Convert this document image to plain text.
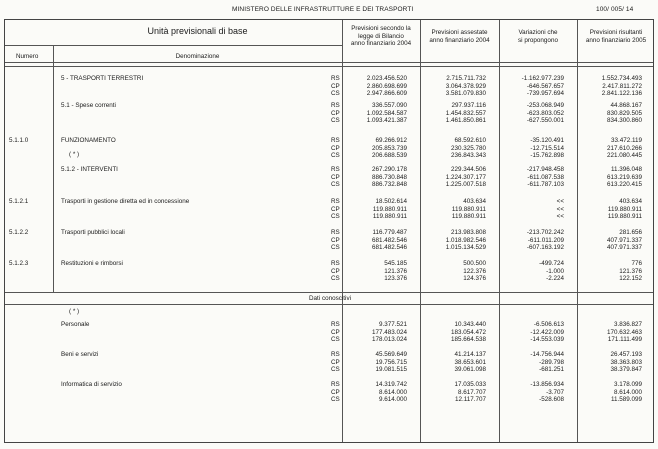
MINISTERO DELLE INFRASTRUTTURE E DEI TRASPORTI	100/ 005/ 14
Unità previsionali di base
Numero	Denominazione
Previsioni secondo la
legge di Bilancio
anno finanziario 2004
Previsioni assestate
anno finanziario 2004
Variazioni che
si propongono
Previsioni risultanti
anno finanziario 2005
Dati conoscitivi
5 - TRASPORTI TERRESTRI	RS	2.023.456.520	2.715.711.732	-1.162.977.239	1.552.734.493
CP	2.860.698.699	3.064.378.929	-646.567.657	2.417.811.272
CS	2.947.866.609	3.581.079.830	-739.957.694	2.841.122.136
5.1 - Spese correnti	RS	336.557.090	297.937.116	-253.068.949	44.868.167
CP	1.092.584.587	1.454.832.557	-623.803.052	830.829.505
CS	1.093.421.387	1.461.850.861	-627.550.001	834.300.860
5.1.1.0	FUNZIONAMENTO
( * )
RS	69.266.912	68.592.610	-35.120.491	33.472.119
CP	205.853.739	230.325.780	-12.715.514	217.610.266
CS	206.688.539	236.843.343	-15.762.898	221.080.445
5.1.2 - INTERVENTI	RS	267.290.178	229.344.506	-217.948.458	11.396.048
CP	886.730.848	1.224.307.177	-611.087.538	613.219.639
CS	886.732.848	1.225.007.518	-611.787.103	613.220.415
5.1.2.1	Trasporti in gestione diretta ed in concessione	RS	18.502.614	403.634	<<	403.634
CP	119.880.911	119.880.911	<<	119.880.911
CS	119.880.911	119.880.911	<<	119.880.911
5.1.2.2	Trasporti pubblici locali	RS	116.779.487	213.983.808	-213.702.242	281.656
CP	681.482.546	1.018.982.546	-611.011.209	407.971.337
CS	681.482.546	1.015.134.529	-607.163.192	407.971.337
5.1.2.3	Restituzioni e rimborsi	RS	545.185	500.500	-499.724	776
CP	121.376	122.376	-1.000	121.376
CS	123.376	124.376	-2.224	122.152
( * )
Personale	RS	9.377.521	10.343.440	-6.506.613	3.836.827
CP	177.483.024	183.054.472	-12.422.009	170.632.463
CS	178.013.024	185.664.538	-14.553.039	171.111.499
Beni e servizi	RS	45.569.649	41.214.137	-14.756.944	26.457.193
CP	19.756.715	38.653.601	-289.798	38.363.803
CS	19.081.515	39.061.098	-681.251	38.379.847
Informatica di servizio	RS	14.319.742	17.035.033	-13.856.934	3.178.099
CP	8.614.000	8.617.707	-3.707	8.614.000
CS	9.614.000	12.117.707	-528.608	11.589.099
